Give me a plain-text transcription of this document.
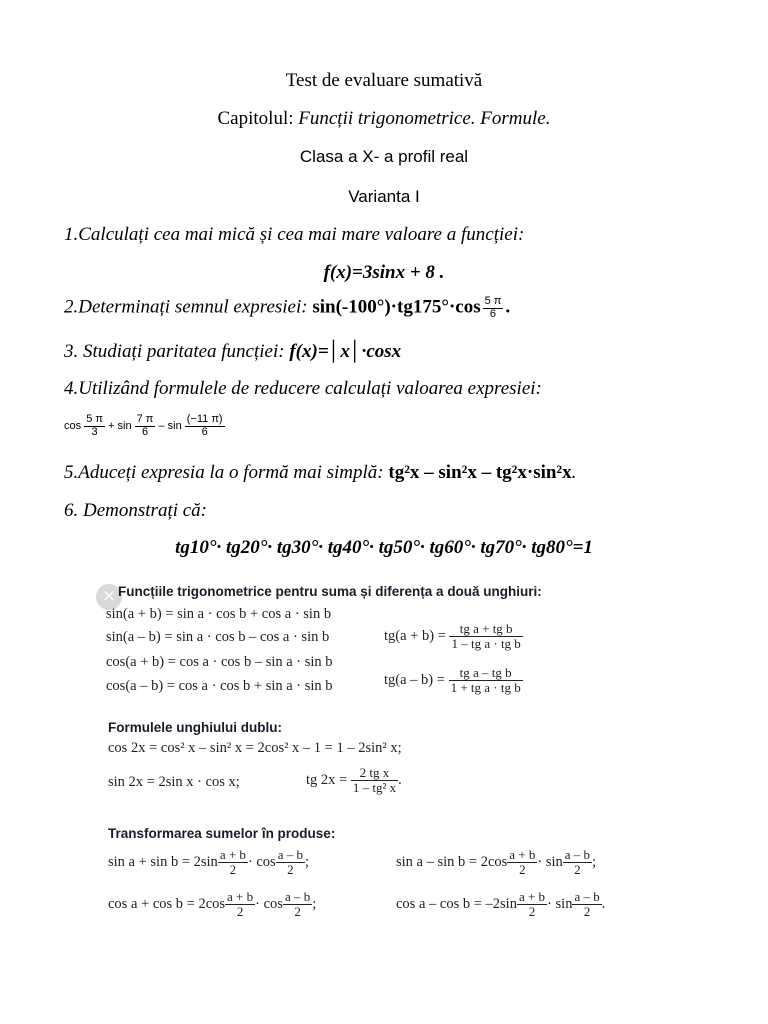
Test de evaluare sumativă
Capitolul: Funcții trigonometrice. Formule.
Clasa a X- a profil real
Varianta I
1.Calculați cea mai mică și cea mai mare valoare a funcției:
f(x)=3sinx + 8 .
2.Determinați semnul expresiei: $\sin(-100^\circ)\cdot tg175^\circ\cdot\cos \frac{5 \pi}{6}$ .
3. Studiați paritatea funcției: f(x)=│x│·cosx
4.Utilizând formulele de reducere calculați valoarea expresiei:
$\cos \frac{5 \pi}{3} + \sin \frac{7 \pi}{6} - \sin \frac{(-11 \pi)}{6}$
5.Aduceți expresia la o formă mai simplă: tg²x – sin²x – tg²x·sin²x.
6. Demonstrați că:
tg10°· tg20°· tg30°· tg40°· tg50°· tg60°· tg70°· tg80°=1
× Funcțiile trigonometrice pentru suma și diferența a două unghiuri:
sin(a + b) = sin a · cos b + cos a · sin b
sin(a – b) = sin a · cos b – cos a · sin b
cos(a + b) = cos a · cos b – sin a · sin b
cos(a – b) = cos a · cos b + sin a · sin b
$tg(a + b) = \frac{\text{tg a + tg b}}{\text{1 – tg a · tg b}}$
$tg(a - b) = \frac{\text{tg a – tg b}}{\text{1 + tg a · tg b}}$
Formulele unghiului dublu:
cos 2x = cos² x – sin² x = 2cos² x – 1 = 1 – 2sin² x;
sin 2x = 2sin x · cos x;	tg $2x = \frac{\text{2 tg x}}{\text{1 – tg² x}}$ .
Transformarea sumelor în produse:
$\sin a + \sin b = 2\sin \frac{a + b}{2} \cdot \cos \frac{a - b}{2}$ ;	$\sin a - \sin b = 2\cos \frac{a + b}{2} \cdot \sin \frac{a - b}{2}$ ;
$\cos a + \cos b = 2\cos \frac{a + b}{2} \cdot \cos \frac{a - b}{2}$ ;	$\cos a - \cos b = -2\sin \frac{a + b}{2} \cdot \sin \frac{a - b}{2}$ .
